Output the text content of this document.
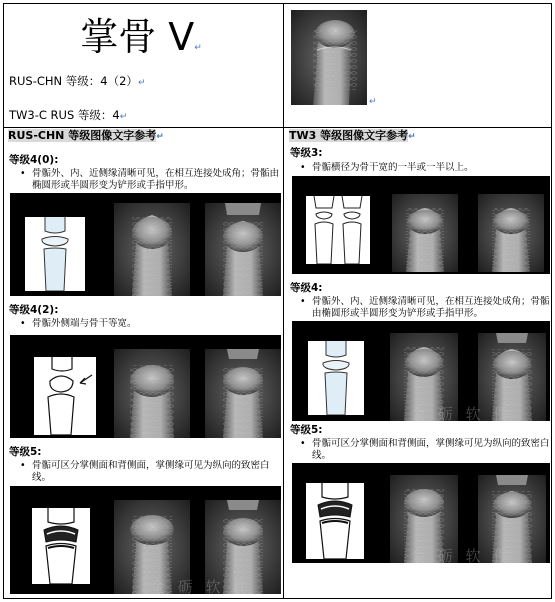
掌骨 V↵
RUS-CHN 等级：4（2）↵
TW3-C RUS 等级：4↵
↵
RUS-CHN 等级图像文字参考↵
等级4(0):
• 骨骺外、内、近侧缘清晰可见，在相互连接处成角；骨骺由椭圆形或半圆形变为铲形或手指甲形。
等级4(2):
• 骨骺外侧端与骨干等宽。
等级5:
• 骨骺可区分掌侧面和背侧面，掌侧缘可见为纵向的致密白线。
金 砺 软 件
TW3 等级图像文字参考↵
等级3:
• 骨骺横径为骨干宽的一半或一半以上。
等级4:
• 骨骺外、内、近侧缘清晰可见，在相互连接处成角；骨骺由椭圆形或半圆形变为铲形或手指甲形。
金 砺 软 件
等级5:
• 骨骺可区分掌侧面和背侧面，掌侧缘可见为纵向的致密白线。
金 砺 软 件
